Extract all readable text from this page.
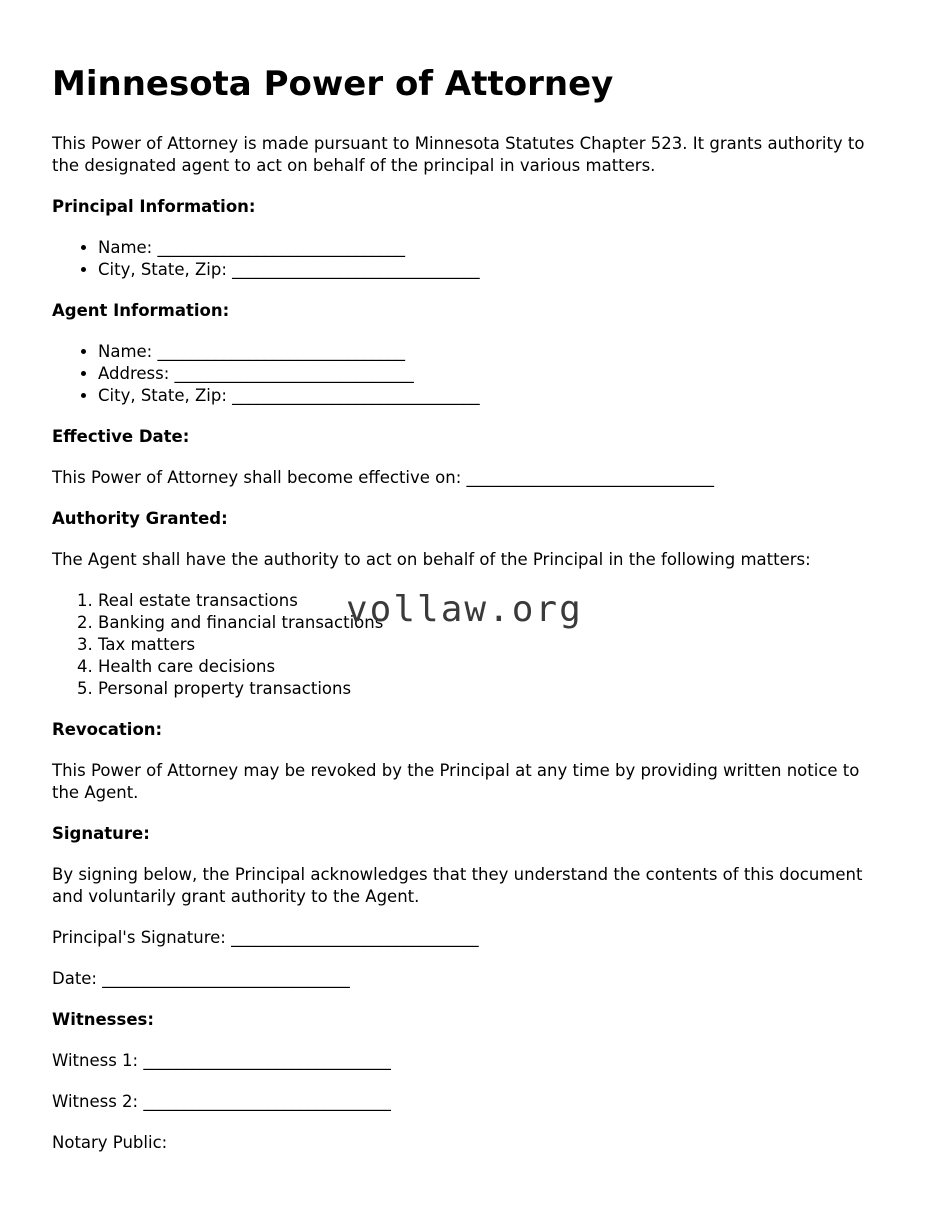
Minnesota Power of Attorney

This Power of Attorney is made pursuant to Minnesota Statutes Chapter 523. It grants authority to the designated agent to act on behalf of the principal in various matters.

Principal Information:
• Name: ______________________________
• City, State, Zip: ______________________________
Agent Information:
• Name: ______________________________
• Address: _____________________________
• City, State, Zip: ______________________________
Effective Date:

This Power of Attorney shall become effective on: ______________________________

Authority Granted:

The Agent shall have the authority to act on behalf of the Principal in the following matters:

1. Real estate transactions
2. Banking and financial transactions
3. Tax matters
4. Health care decisions
5. Personal property transactions
Revocation:

This Power of Attorney may be revoked by the Principal at any time by providing written notice to the Agent.

Signature:

By signing below, the Principal acknowledges that they understand the contents of this document and voluntarily grant authority to the Agent.

Principal's Signature: ______________________________

Date: ______________________________

Witnesses:

Witness 1: ______________________________

Witness 2: ______________________________

Notary Public:

vollaw.org
